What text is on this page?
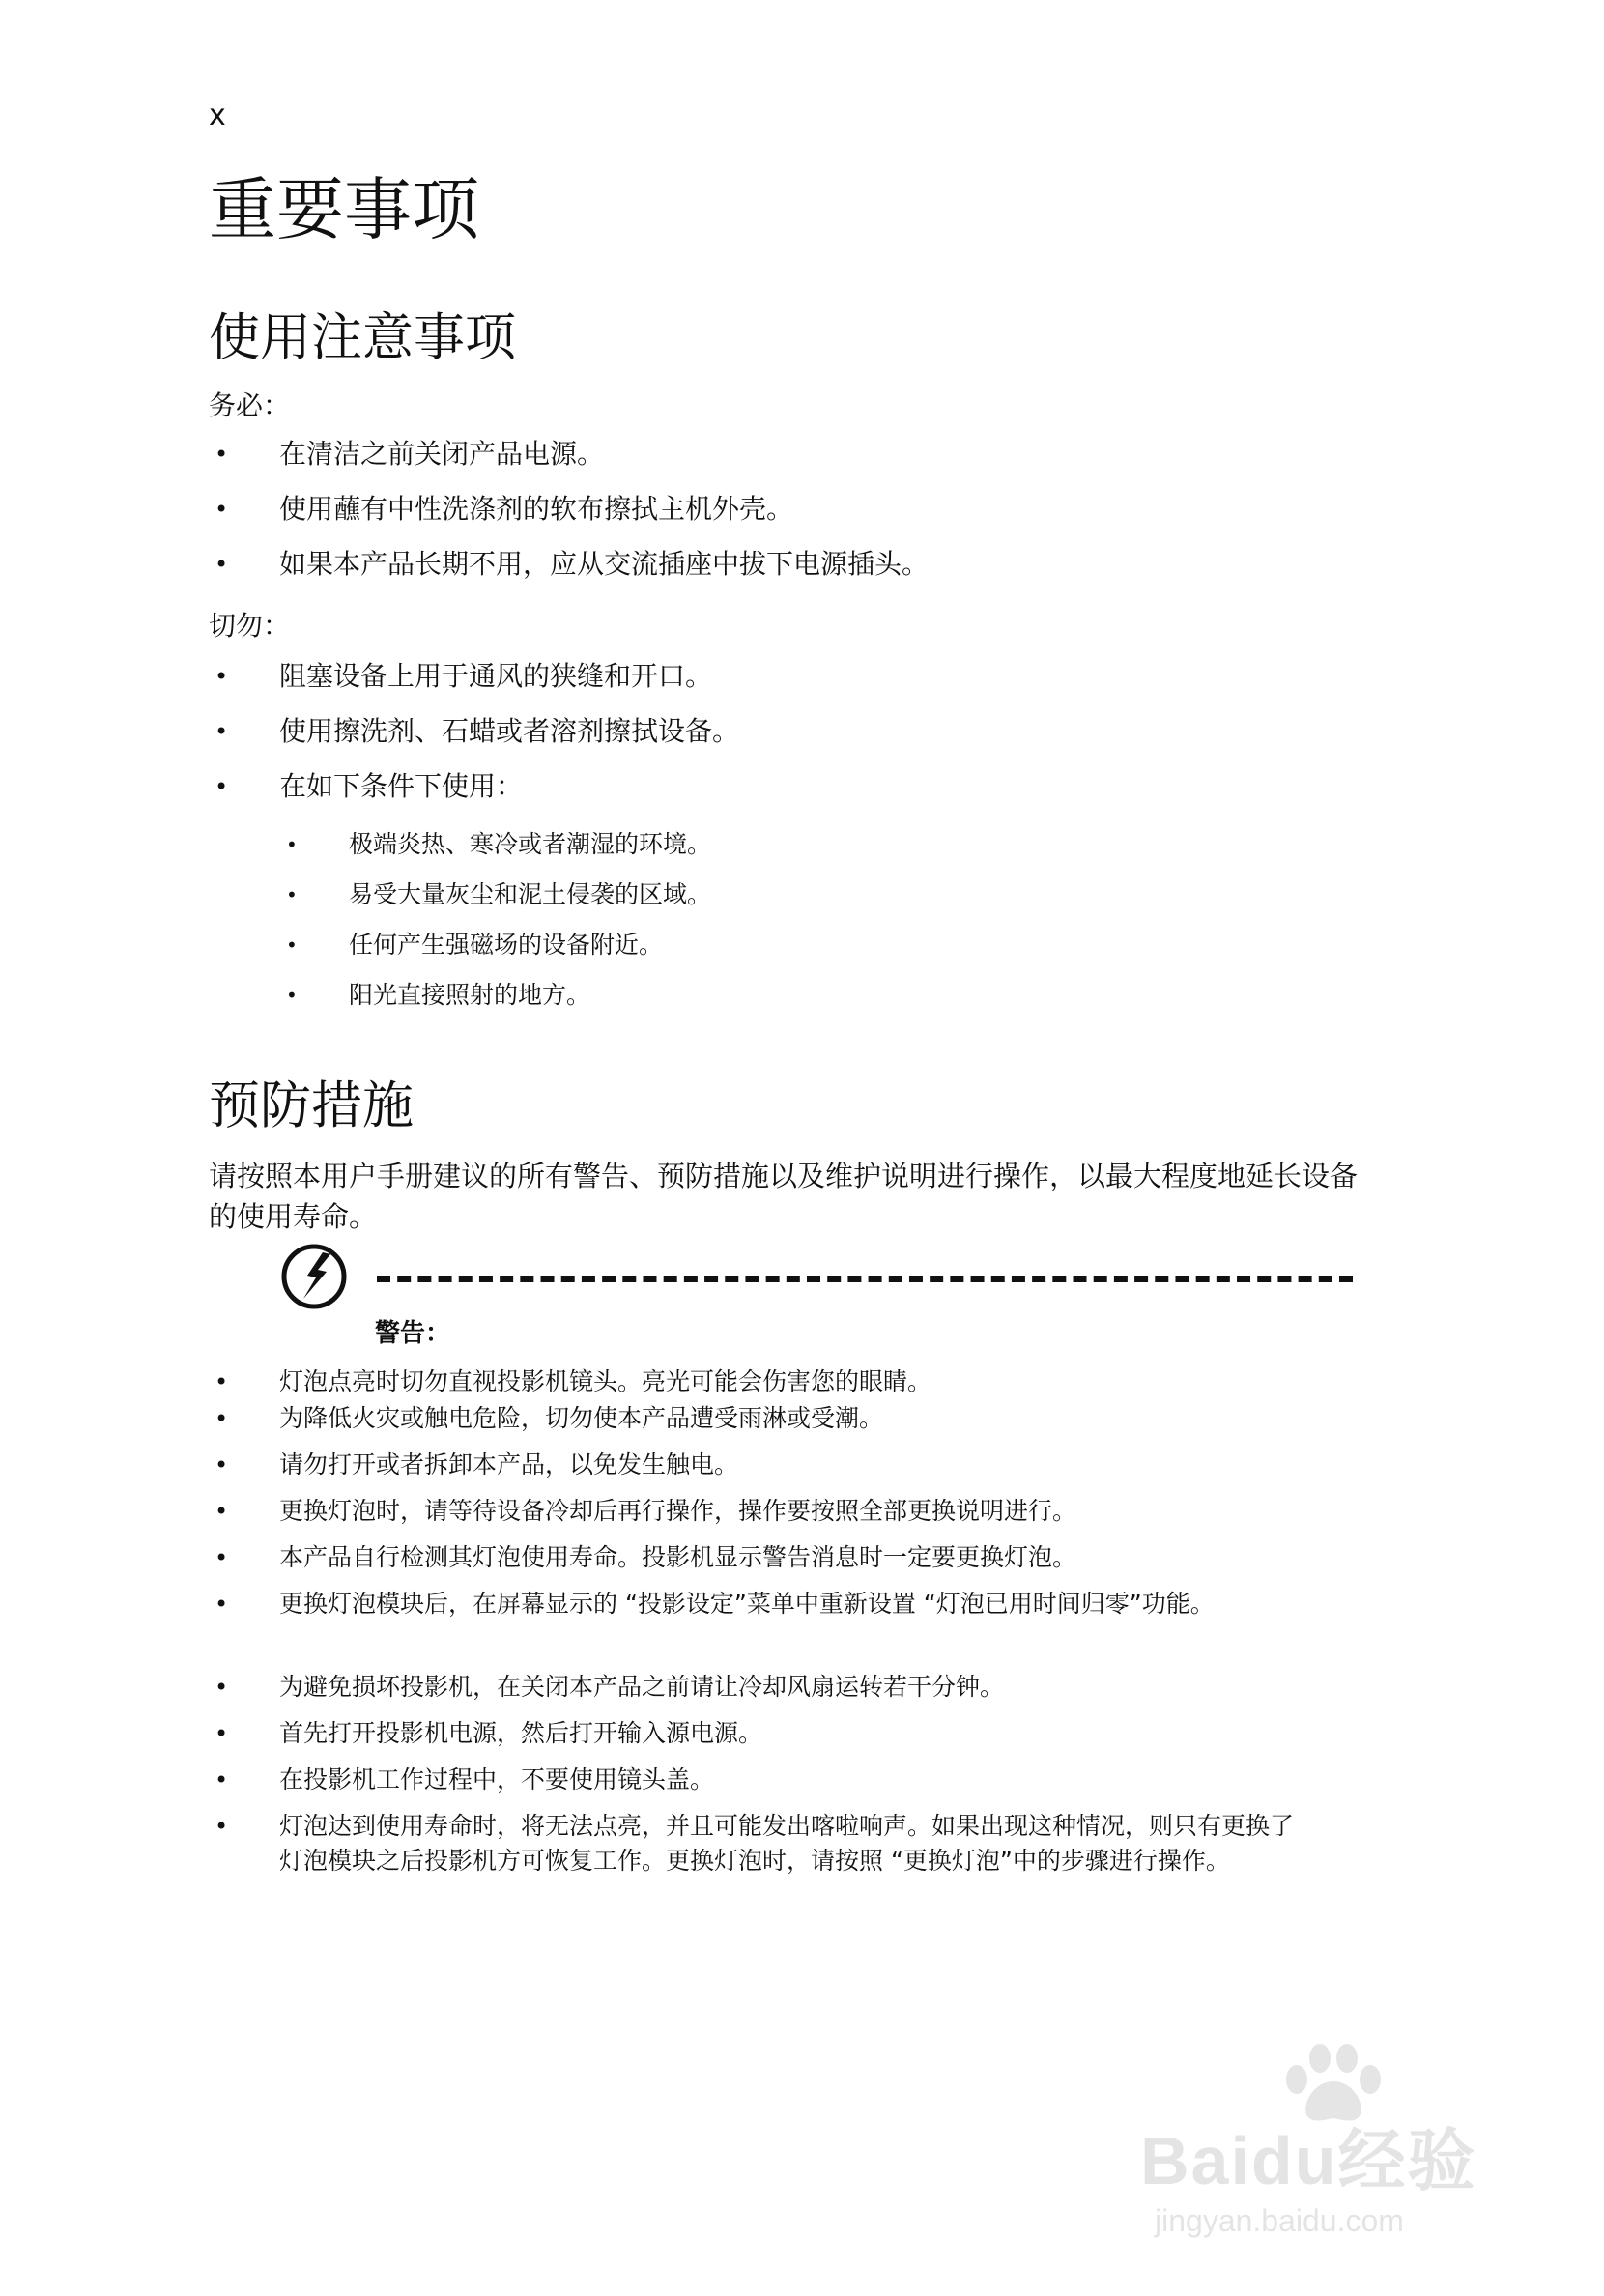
x
重要事项
使用注意事项
务必：
• 在清洁之前关闭产品电源。
• 使用蘸有中性洗涤剂的软布擦拭主机外壳。
• 如果本产品长期不用，应从交流插座中拔下电源插头。
切勿：
• 阻塞设备上用于通风的狭缝和开口。
• 使用擦洗剂、石蜡或者溶剂擦拭设备。
• 在如下条件下使用：
• 极端炎热、寒冷或者潮湿的环境。
• 易受大量灰尘和泥土侵袭的区域。
• 任何产生强磁场的设备附近。
• 阳光直接照射的地方。
预防措施

请按照本用户手册建议的所有警告、预防措施以及维护说明进行操作，以最大程度地延长设备的使用寿命。

警告：
• 灯泡点亮时切勿直视投影机镜头。亮光可能会伤害您的眼睛。
• 为降低火灾或触电危险，切勿使本产品遭受雨淋或受潮。
• 请勿打开或者拆卸本产品，以免发生触电。
• 更换灯泡时，请等待设备冷却后再行操作，操作要按照全部更换说明进行。
• 本产品自行检测其灯泡使用寿命。投影机显示警告消息时一定要更换灯泡。
• 更换灯泡模块后，在屏幕显示的 “投影设定”菜单中重新设置 “灯泡已用时间归零”功能。
• 为避免损坏投影机，在关闭本产品之前请让冷却风扇运转若干分钟。
• 首先打开投影机电源，然后打开输入源电源。
• 在投影机工作过程中，不要使用镜头盖。
• 灯泡达到使用寿命时，将无法点亮，并且可能发出喀啦响声。如果出现这种情况，则只有更换了灯泡模块之后投影机方可恢复工作。更换灯泡时，请按照 “更换灯泡”中的步骤进行操作。
Baidu经验
jingyan.baidu.com
